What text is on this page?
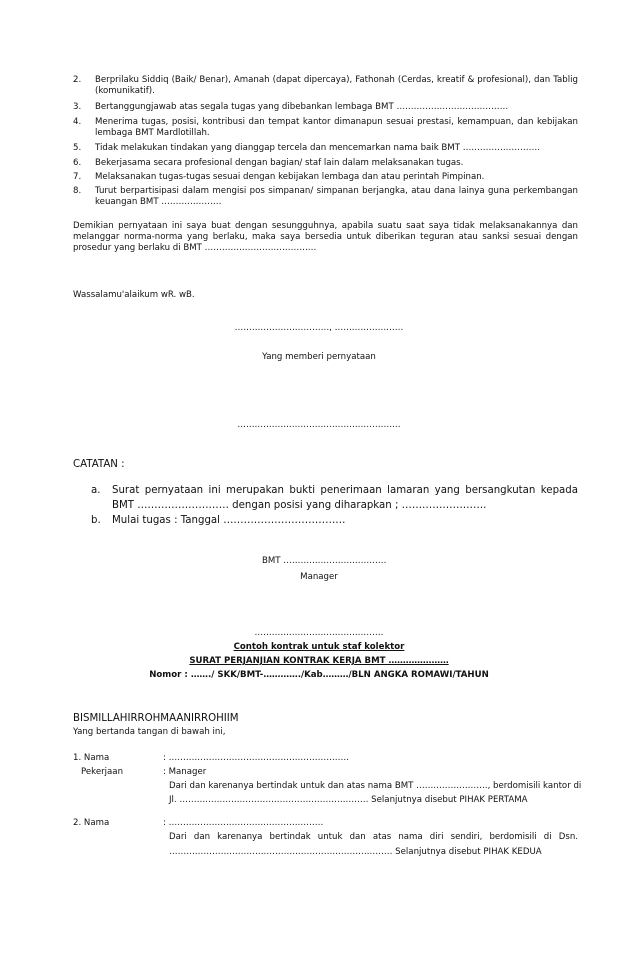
2. Berprilaku Siddiq (Baik/ Benar), Amanah (dapat dipercaya), Fathonah (Cerdas, kreatif & profesional), dan Tablig (komunikatif).
3. Bertanggungjawab atas segala tugas yang dibebankan lembaga BMT …………………………………
4. Menerima tugas, posisi, kontribusi dan tempat kantor dimanapun sesuai prestasi, kemampuan, dan kebijakan lembaga BMT Mardlotillah.
5. Tidak melakukan tindakan yang dianggap tercela dan mencemarkan nama baik BMT ………………………
6. Bekerjasama secara profesional dengan bagian/ staf lain dalam melaksanakan tugas.
7. Melaksanakan tugas-tugas sesuai dengan kebijakan lembaga dan atau perintah Pimpinan.
8. Turut berpartisipasi dalam mengisi pos simpanan/ simpanan berjangka, atau dana lainya guna perkembangan keuangan BMT …………………
Demikian pernyataan ini saya buat dengan sesungguhnya, apabila suatu saat saya tidak melaksanakannya dan melanggar norma-norma yang berlaku, maka saya bersedia untuk diberikan teguran atau sanksi sesuai dengan prosedur yang berlaku di BMT …………………………………
Wassalamu'alaikum wR. wB.
……………………………, ……………………
Yang memberi pernyataan
…………………………………………………
CATATAN :
a. Surat pernyataan ini merupakan bukti penerimaan lamaran yang bersangkutan kepada
BMT ……………………… dengan posisi yang diharapkan ; …………………….
b. Mulai tugas : Tanggal ………………………………
BMT ………………………………
Manager
………………………………………
Contoh kontrak untuk staf kolektor
SURAT PERJANJIAN KONTRAK KERJA BMT …………………
Nomor : ……./ SKK/BMT-…………./Kab………/BLN ANGKA ROMAWI/TAHUN
BISMILLAHIRROHMAANIRROHIIM
Yang bertanda tangan di bawah ini,
1. Nama	: ………………………………………………………
Pekerjaan	: Manager
Dari dan karenanya bertindak untuk dan atas nama BMT ……………………., berdomisili kantor di
Jl. ………………………………………………………… Selanjutnya disebut PIHAK PERTAMA
2. Nama	: ………………………………………………
Dari dan karenanya bertindak untuk dan atas nama diri sendiri, berdomisili di Dsn.
…………………………………………………………………… Selanjutnya disebut PIHAK KEDUA
